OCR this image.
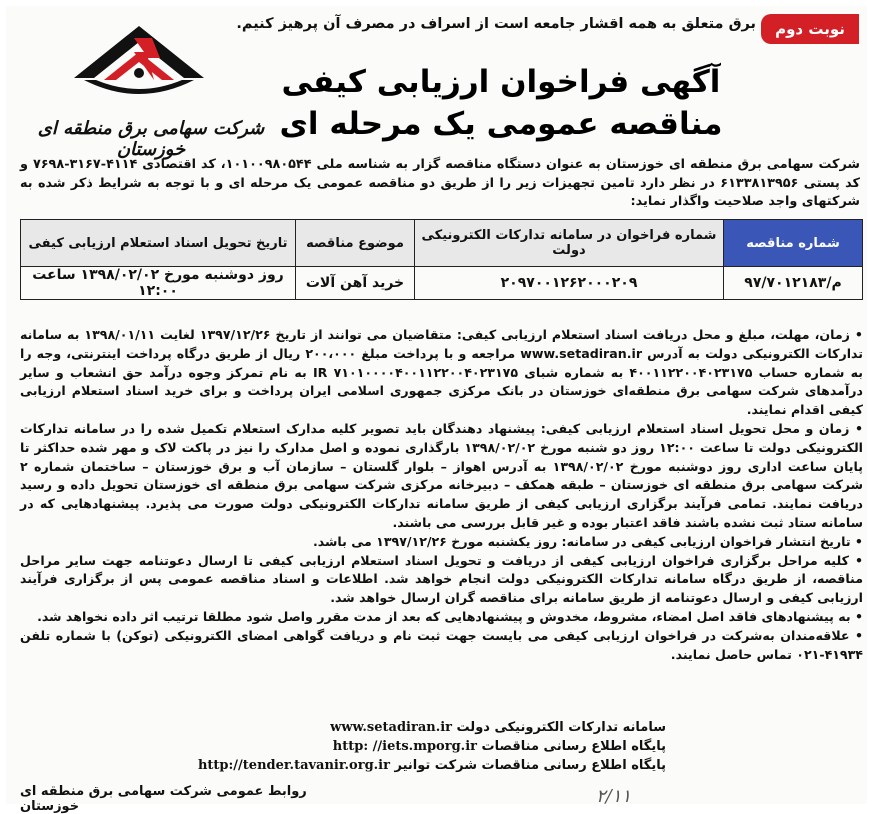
نوبت دوم
برق متعلق به همه اقشار جامعه است از اسراف در مصرف آن پرهیز کنیم.
شرکت سهامی برق منطقه ای خوزستان
آگهی فراخوان ارزیابی کیفی
مناقصه عمومی یک مرحله ای
شرکت سهامی برق منطقه ای خوزستان به عنوان دستگاه مناقصه گزار به شناسه ملی ۱۰۱۰۰۹۸۰۵۴۴، کد اقتصادی ۴۱۱۴-۳۱۶۷-۷۶۹۸ و کد پستی ۶۱۳۳۸۱۳۹۵۶ در نظر دارد تامین تجهیزات زیر را از طریق دو مناقصه عمومی یک مرحله ای و با توجه به شرایط ذکر شده به شرکتهای واجد صلاحیت واگذار نماید:
شماره مناقصه	شماره فراخوان در سامانه تدارکات الکترونیکی دولت	موضوع مناقصه	تاریخ تحویل اسناد استعلام ارزیابی کیفی
م/۹۷/۷۰۱۲۱۸۳	۲۰۹۷۰۰۱۲۶۲۰۰۰۲۰۹	خرید آهن آلات	روز دوشنبه مورخ ۱۳۹۸/۰۲/۰۲ ساعت ۱۲:۰۰

• زمان، مهلت، مبلغ و محل دریافت اسناد استعلام ارزیابی کیفی: متقاضیان می توانند از تاریخ ۱۳۹۷/۱۲/۲۶ لغایت ۱۳۹۸/۰۱/۱۱ به سامانه تدارکات الکترونیکی دولت به آدرس www.setadiran.ir مراجعه و با پرداخت مبلغ ۲۰۰،۰۰۰ ریال از طریق درگاه پرداخت اینترنتی، وجه را به شماره حساب ۴۰۰۱۱۲۲۰۰۴۰۲۳۱۷۵ به شماره شبای IR ۷۱۰۱۰۰۰۰۴۰۰۱۱۲۲۰۰۴۰۲۳۱۷۵ به نام تمرکز وجوه درآمد حق انشعاب و سایر درآمدهای شرکت سهامی برق منطقه‌ای خوزستان در بانک مرکزی جمهوری اسلامی ایران پرداخت و برای خرید اسناد استعلام ارزیابی کیفی اقدام نمایند.

• زمان و محل تحویل اسناد استعلام ارزیابی کیفی: پیشنهاد دهندگان باید تصویر کلیه مدارک استعلام تکمیل شده را در سامانه تدارکات الکترونیکی دولت تا ساعت ۱۲:۰۰ روز دو شنبه مورخ ۱۳۹۸/۰۲/۰۲ بارگذاری نموده و اصل مدارک را نیز در پاکت لاک و مهر شده حداکثر تا پایان ساعت اداری روز دوشنبه مورخ ۱۳۹۸/۰۲/۰۲ به آدرس اهواز – بلوار گلستان – سازمان آب و برق خوزستان – ساختمان شماره ۲ شرکت سهامی برق منطقه ای خوزستان – طبقه همکف – دبیرخانه مرکزی شرکت سهامی برق منطقه ای خوزستان تحویل داده و رسید دریافت نمایند. تمامی فرآیند برگزاری ارزیابی کیفی از طریق سامانه تدارکات الکترونیکی دولت صورت می پذیرد. پیشنهادهایی که در سامانه ستاد ثبت نشده باشند فاقد اعتبار بوده و غیر قابل بررسی می باشند.

• تاریخ انتشار فراخوان ارزیابی کیفی در سامانه: روز یکشنبه مورخ ۱۳۹۷/۱۲/۲۶ می باشد.

• کلیه مراحل برگزاری فراخوان ارزیابی کیفی از دریافت و تحویل اسناد استعلام ارزیابی کیفی تا ارسال دعوتنامه جهت سایر مراحل مناقصه، از طریق درگاه سامانه تدارکات الکترونیکی دولت انجام خواهد شد. اطلاعات و اسناد مناقصه عمومی پس از برگزاری فرآیند ارزیابی کیفی و ارسال دعوتنامه از طریق سامانه برای مناقصه گران ارسال خواهد شد.

• به پیشنهادهای فاقد اصل امضاء، مشروط، مخدوش و پیشنهادهایی که بعد از مدت مقرر واصل شود مطلقا ترتیب اثر داده نخواهد شد.

• علاقه‌مندان به‌شرکت در فراخوان ارزیابی کیفی می بایست جهت ثبت نام و دریافت گواهی امضای الکترونیکی (توکن) با شماره تلفن ۴۱۹۳۴-۰۲۱ تماس حاصل نمایند.

سامانه تدارکات الکترونیکی دولت www.setadiran.ir
پایگاه اطلاع رسانی مناقصات http: //iets.mporg.ir
پایگاه اطلاع رسانی مناقصات شرکت توانیر http://tender.tavanir.org.ir
روابط عمومی شرکت سهامی برق منطقه ای خوزستان	۲/۱۱
